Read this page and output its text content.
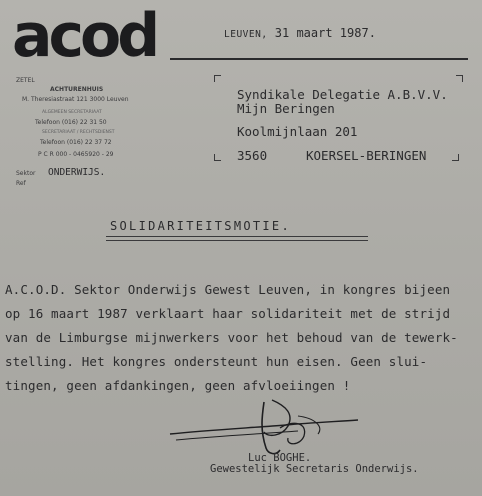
acod	LEUVEN, 31 maart 1987.
ZETEL
ACHTURENHUIS
M. Theresiastraat 121 3000 Leuven
ALGEMEEN SECRETARIAAT
Telefoon (016) 22 31 50
SECRETARIAAT / RECHTSDIENST
Telefoon (016) 22 37 72
P C R 000 - 0465920 - 29
Sektor ONDERWIJS.
Ref
Syndikale Delegatie A.B.V.V.
Mijn Beringen
Koolmijnlaan 201
3560	KOERSEL-BERINGEN
SOLIDARITEITSMOTIE.
A.C.O.D. Sektor Onderwijs Gewest Leuven, in kongres bijeen
op 16 maart 1987 verklaart haar solidariteit met de strijd
van de Limburgse mijnwerkers voor het behoud van de tewerk-
stelling. Het kongres ondersteunt hun eisen. Geen slui-
tingen, geen afdankingen, geen afvloeiingen !
Luc BOGHE.
Gewestelijk Secretaris Onderwijs.
